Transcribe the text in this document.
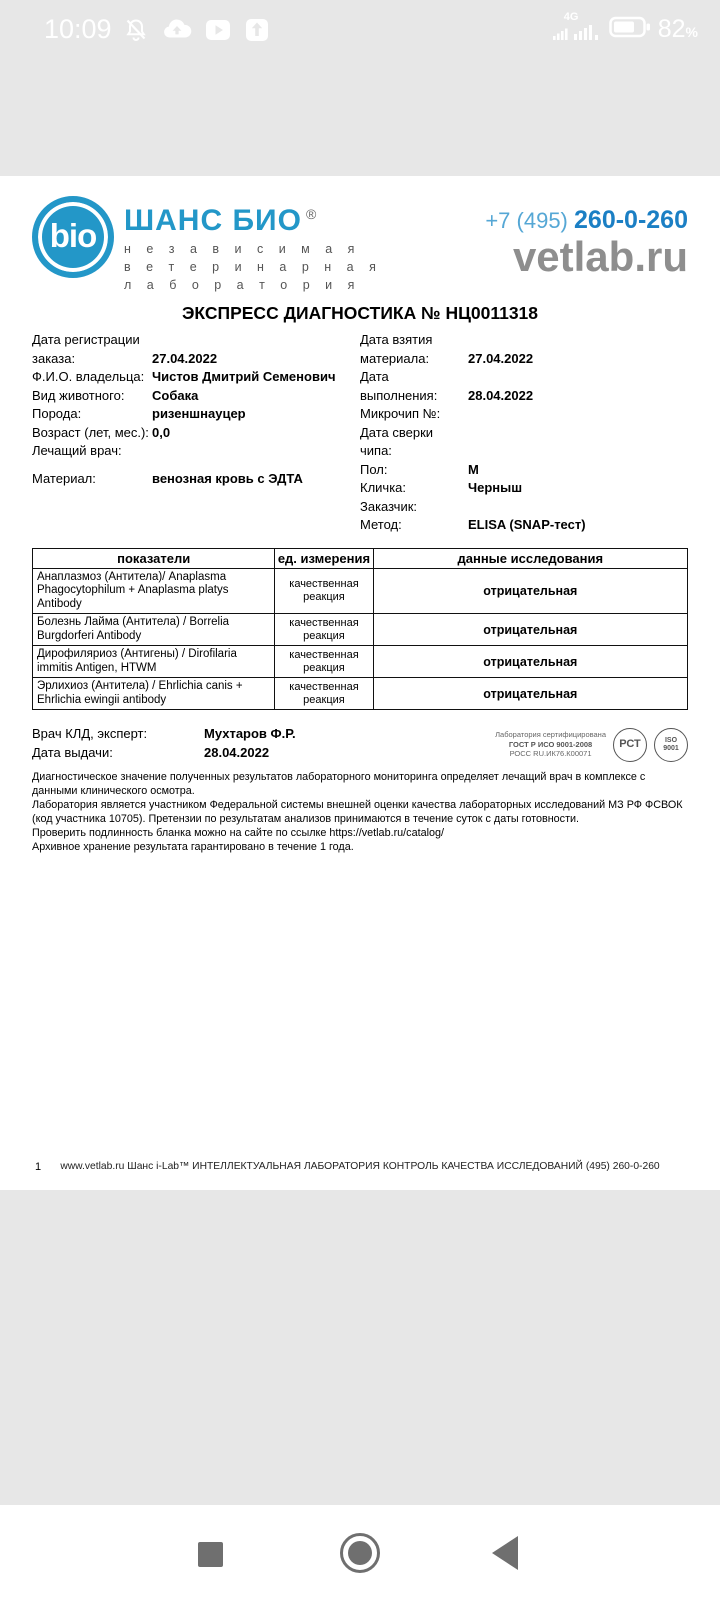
10:09	4G	82%
bio ШАНС БИО ®
н е з а в и с и м а я
в е т е р и н а р н а я
л а б о р а т о р и я
+7 (495) 260-0-260
vetlab.ru
ЭКСПРЕСС ДИАГНОСТИКА № НЦ0011318
Дата регистрации заказа:	27.04.2022
Ф.И.О. владельца: Чистов Дмитрий Семенович
Вид животного:	Собака
Порода:	ризеншнауцер
Возраст (лет, мес.): 0,0
Лечащий врач:
Материал:	венозная кровь с ЭДТА
Дата взятия материала:	27.04.2022
Дата выполнения:	28.04.2022
Микрочип №:
Дата сверки чипа:
Пол:	М
Кличка:	Черныш
Заказчик:
Метод:	ELISA (SNAP-тест)
показатели	ед. измерения	данные исследования
Анаплазмоз (Антитела)/ Anaplasma Phagocytophilum + Anaplasma platys Antibody	качественная реакция	отрицательная
Болезнь Лайма (Антитела) / Borrelia Burgdorferi Antibody	качественная реакция	отрицательная
Дирофиляриоз (Антигены) / Dirofilaria immitis Antigen, HTWM	качественная реакция	отрицательная
Эрлихиоз (Антитела) / Ehrlichia canis + Ehrlichia ewingii antibody	качественная реакция	отрицательная
Врач КЛД, эксперт:	Мухтаров Ф.Р.
Дата выдачи:	28.04.2022
Лаборатория сертифицирована
ГОСТ Р ИСО 9001-2008
РОСС RU.ИК76.К00071
РСТ	ISO
9001

Диагностическое значение полученных результатов лабораторного мониторинга определяет лечащий врач в комплексе с данными клинического осмотра.

Лаборатория является участником Федеральной системы внешней оценки качества лабораторных исследований МЗ РФ ФСВОК (код участника 10705). Претензии по результатам анализов принимаются в течение суток с даты готовности.

Проверить подлинность бланка можно на сайте по ссылке https://vetlab.ru/catalog/

Архивное хранение результата гарантировано в течение 1 года.

1	www.vetlab.ru Шанс i-Lab™ ИНТЕЛЛЕКТУАЛЬНАЯ ЛАБОРАТОРИЯ КОНТРОЛЬ КАЧЕСТВА ИССЛЕДОВАНИЙ (495) 260-0-260
